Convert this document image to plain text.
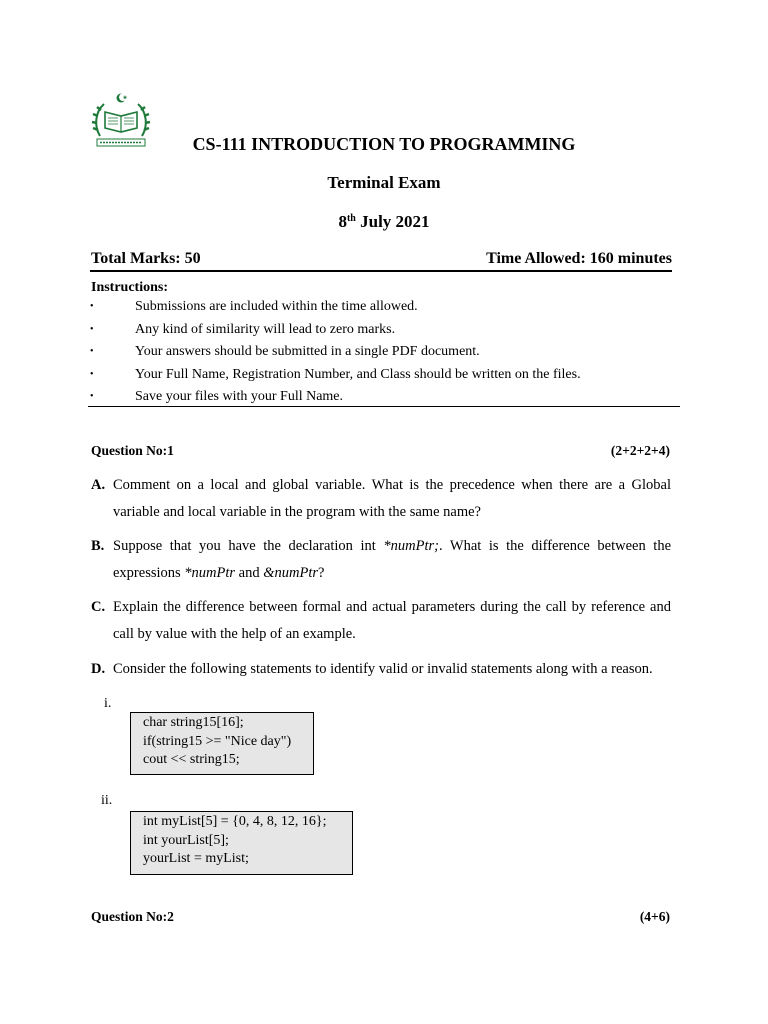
CS-111 INTRODUCTION TO PROGRAMMING
Terminal Exam
8th July 2021
Total Marks: 50	Time Allowed: 160 minutes
Instructions:
•	Submissions are included within the time allowed.
•	Any kind of similarity will lead to zero marks.
•	Your answers should be submitted in a single PDF document.
•	Your Full Name, Registration Number, and Class should be written on the files.
•	Save your files with your Full Name.
Question No:1	(2+2+2+4)
A. Comment on a local and global variable. What is the precedence when there are a Global variable and local variable in the program with the same name?
B. Suppose that you have the declaration int *numPtr;. What is the difference between the expressions *numPtr and &numPtr?
C. Explain the difference between formal and actual parameters during the call by reference and call by value with the help of an example.
D. Consider the following statements to identify valid or invalid statements along with a reason.
i.
char string15[16];
if(string15 >= "Nice day")
cout << string15;
ii.
int myList[5] = {0, 4, 8, 12, 16};
int yourList[5];
yourList = myList;
Question No:2	(4+6)
